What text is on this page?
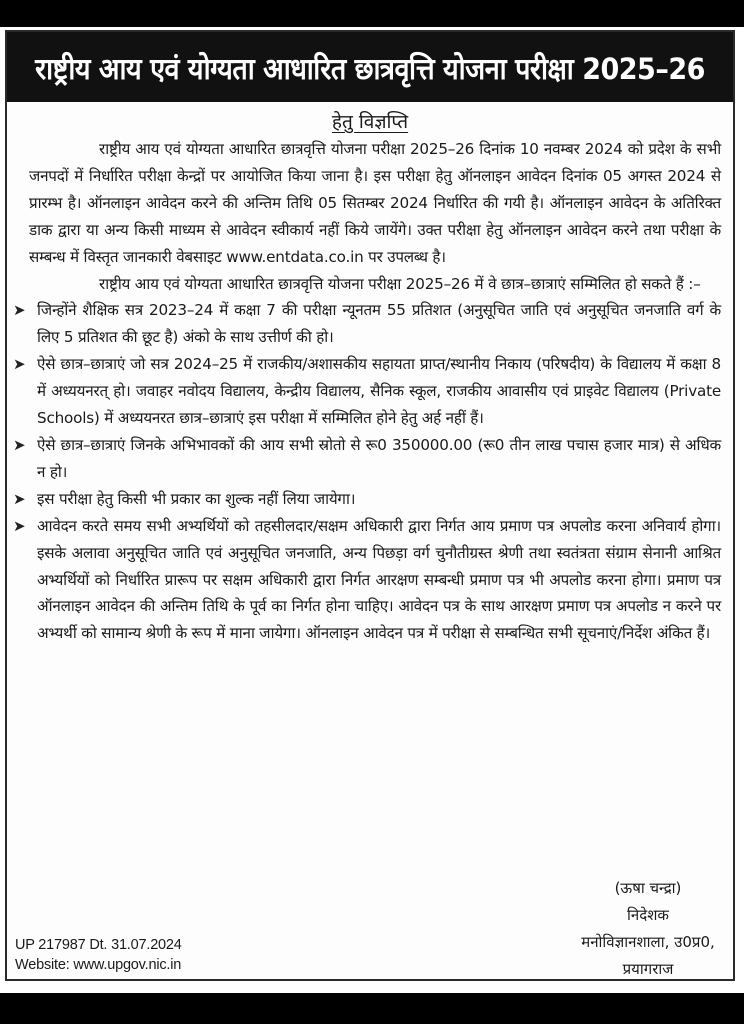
राष्ट्रीय आय एवं योग्यता आधारित छात्रवृत्ति योजना परीक्षा 2025–26
हेतु विज्ञप्ति

राष्ट्रीय आय एवं योग्यता आधारित छात्रवृत्ति योजना परीक्षा 2025–26 दिनांक 10 नवम्बर 2024 को प्रदेश के सभी जनपदों में निर्धारित परीक्षा केन्द्रों पर आयोजित किया जाना है। इस परीक्षा हेतु ऑनलाइन आवेदन दिनांक 05 अगस्त 2024 से प्रारम्भ है। ऑनलाइन आवेदन करने की अन्तिम तिथि 05 सितम्बर 2024 निर्धारित की गयी है। ऑनलाइन आवेदन के अतिरिक्त डाक द्वारा या अन्य किसी माध्यम से आवेदन स्वीकार्य नहीं किये जायेंगे। उक्त परीक्षा हेतु ऑनलाइन आवेदन करने तथा परीक्षा के सम्बन्ध में विस्तृत जानकारी वेबसाइट www.entdata.co.in पर उपलब्ध है।

राष्ट्रीय आय एवं योग्यता आधारित छात्रवृत्ति योजना परीक्षा 2025–26 में वे छात्र–छात्राएं सम्मिलित हो सकते हैं :–

➤ जिन्होंने शैक्षिक सत्र 2023–24 में कक्षा 7 की परीक्षा न्यूनतम 55 प्रतिशत (अनुसूचित जाति एवं अनुसूचित जनजाति वर्ग के लिए 5 प्रतिशत की छूट है) अंको के साथ उत्तीर्ण की हो।
➤ ऐसे छात्र–छात्राएं जो सत्र 2024–25 में राजकीय/अशासकीय सहायता प्राप्त/स्थानीय निकाय (परिषदीय) के विद्यालय में कक्षा 8 में अध्ययनरत् हो। जवाहर नवोदय विद्यालय, केन्द्रीय विद्यालय, सैनिक स्कूल, राजकीय आवासीय एवं प्राइवेट विद्यालय (Private Schools) में अध्ययनरत छात्र–छात्राएं इस परीक्षा में सम्मिलित होने हेतु अर्ह नहीं हैं।
➤ ऐसे छात्र–छात्राएं जिनके अभिभावकों की आय सभी स्रोतो से रू0 350000.00 (रू0 तीन लाख पचास हजार मात्र) से अधिक न हो।
➤ इस परीक्षा हेतु किसी भी प्रकार का शुल्क नहीं लिया जायेगा।
➤ आवेदन करते समय सभी अभ्यर्थियों को तहसीलदार/सक्षम अधिकारी द्वारा निर्गत आय प्रमाण पत्र अपलोड करना अनिवार्य होगा। इसके अलावा अनुसूचित जाति एवं अनुसूचित जनजाति, अन्य पिछड़ा वर्ग चुनौतीग्रस्त श्रेणी तथा स्वतंत्रता संग्राम सेनानी आश्रित अभ्यर्थियों को निर्धारित प्रारूप पर सक्षम अधिकारी द्वारा निर्गत आरक्षण सम्बन्धी प्रमाण पत्र भी अपलोड करना होगा। प्रमाण पत्र ऑनलाइन आवेदन की अन्तिम तिथि के पूर्व का निर्गत होना चाहिए। आवेदन पत्र के साथ आरक्षण प्रमाण पत्र अपलोड न करने पर अभ्यर्थी को सामान्य श्रेणी के रूप में माना जायेगा। ऑनलाइन आवेदन पत्र में परीक्षा से सम्बन्धित सभी सूचनाएं/निर्देश अंकित हैं।
(ऊषा चन्द्रा)
निदेशक
मनोविज्ञानशाला, उ0प्र0,
प्रयागराज
UP 217987 Dt. 31.07.2024
Website: www.upgov.nic.in
